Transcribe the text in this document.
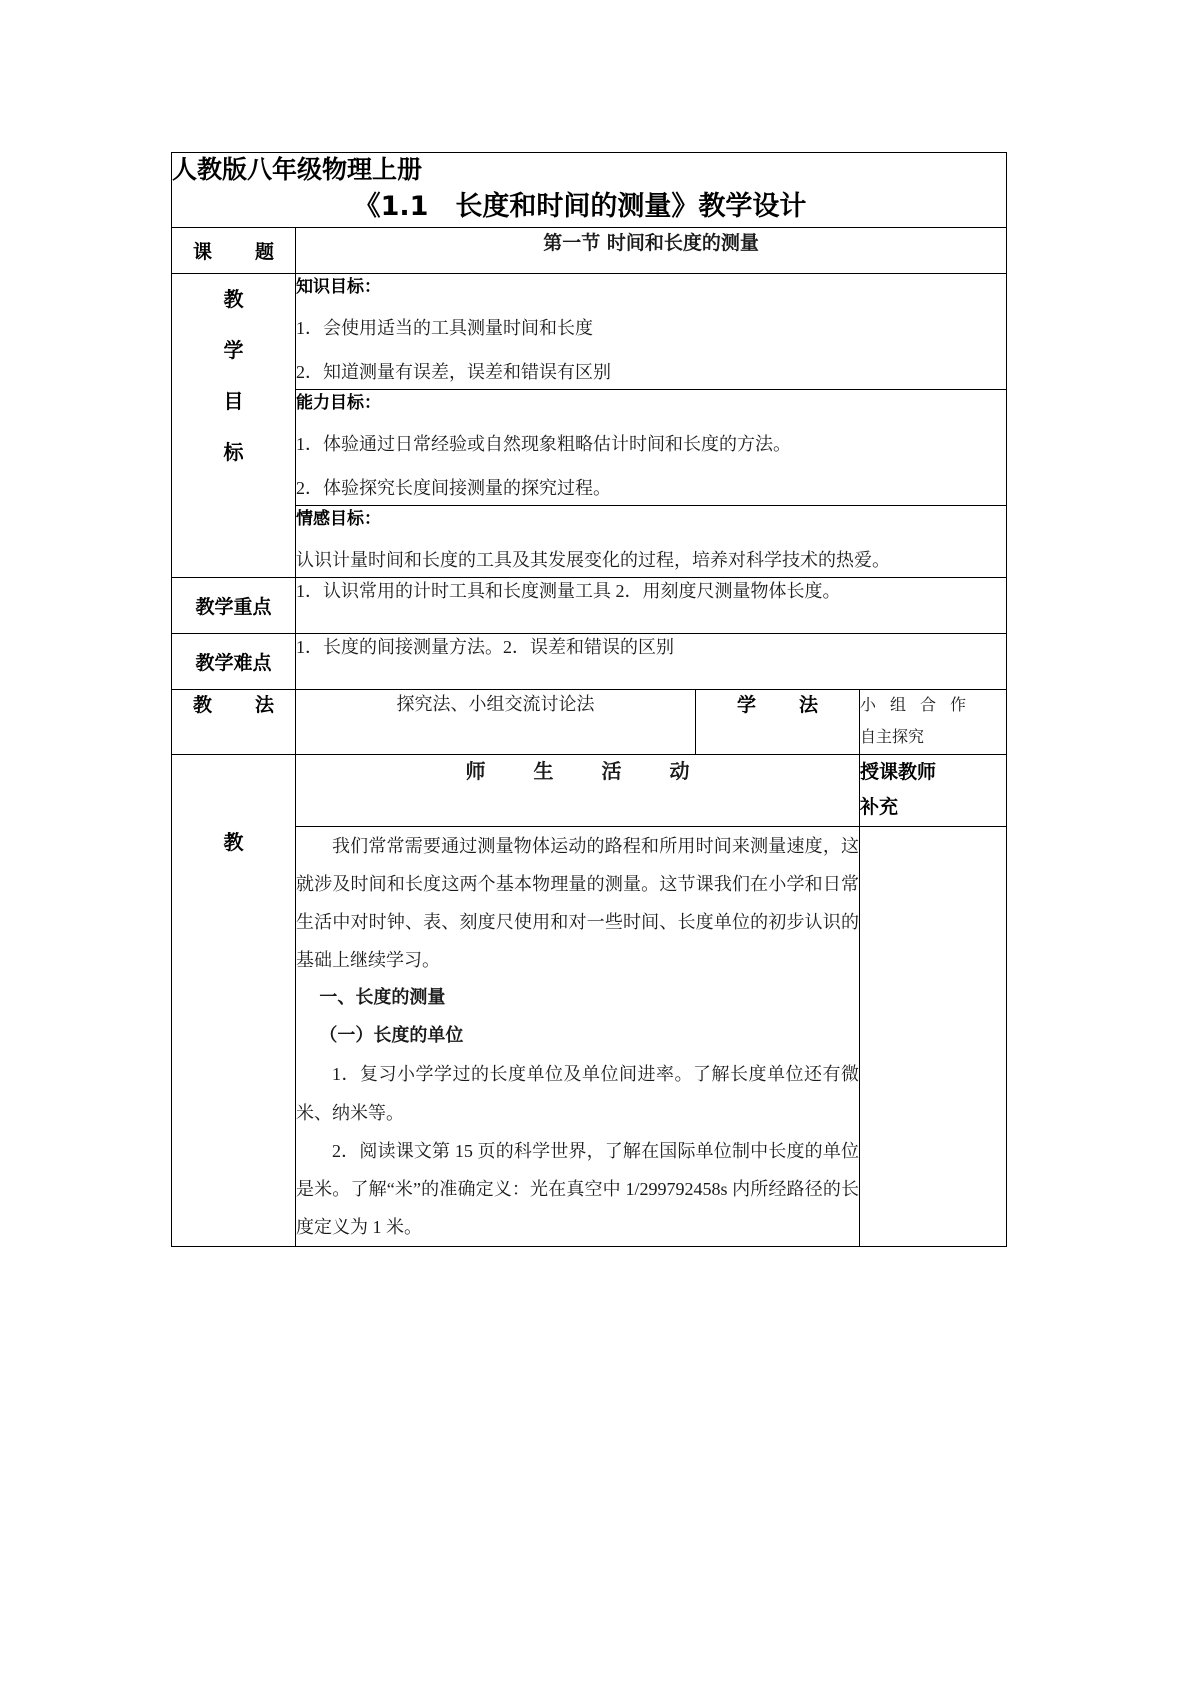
人教版八年级物理上册
《1.1　长度和时间的测量》教学设计			

课　题	第一节 时间和长度的测量		

教
学
目
标

知识目标：
1．会使用适当的工具测量时间和长度
2．知道测量有误差，误差和错误有区别

	能力目标：
1．体验通过日常经验或自然现象粗略估计时间和长度的方法。
2．体验探究长度间接测量的探究过程。		

	情感目标：
认识计量时间和长度的工具及其发展变化的过程，培养对科学技术的热爱。		

教学重点	1．认识常用的计时工具和长度测量工具 2．用刻度尺测量物体长度。		
教学难点	1．长度的间接测量方法。2．误差和错误的区别		
教　法	探究法、小组交流讨论法	学　法	小 组 合 作
自主探究

	师　生　活　动		授课教师
补充

教	我们常常需要通过测量物体运动的路程和所用时间来测量速度，这就涉及时间和长度这两个基本物理量的测量。这节课我们在小学和日常生活中对时钟、表、刻度尺使用和对一些时间、长度单位的初步认识的基础上继续学习。

一、长度的测量

（一）长度的单位

1．复习小学学过的长度单位及单位间进率。了解长度单位还有微米、纳米等。

2．阅读课文第 15 页的科学世界，了解在国际单位制中长度的单位是米。了解“米”的准确定义：光在真空中 1/299792458s 内所经路径的长度定义为 1 米。		
